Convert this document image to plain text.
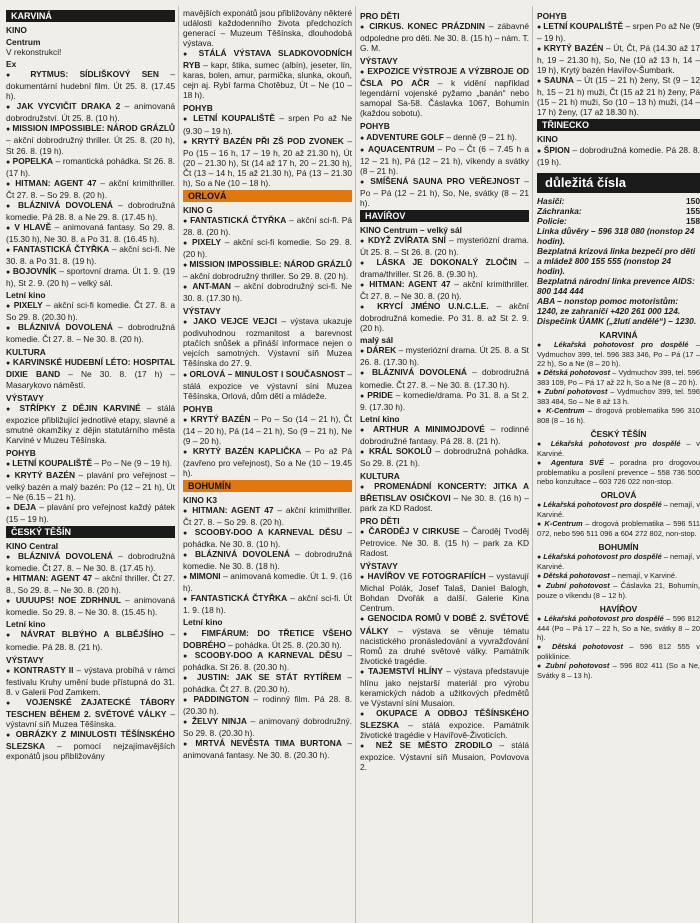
KARVINÁ
KINO
Centrum
V rekonstrukci!
Ex
● RYTMUS: SÍDLIŠKOVÝ SEN – dokumentární hudební film. Út 25. 8. (17.45 h).
● JAK VYCVIČIT DRAKA 2 – animovaná dobrodružství. Út 25. 8. (10 h).
● MISSION IMPOSSIBLE: NÁROD GRÁZLŮ – akční dobrodružný thriller. Út 25. 8. (20 h), St 26. 8. (19 h).
● POPELKA – romantická pohádka. St 26. 8. (17 h).
● HITMAN: AGENT 47 – akční krimithriller. Čt 27. 8. – So 29. 8. (20 h).
● BLÁZNIVÁ DOVOLENÁ – dobrodružná komedie. Pá 28. 8. a Ne 29. 8. (17.45 h).
● V HLAVĚ – animovaná fantasy. So 29. 8. (15.30 h), Ne 30. 8. a Po 31. 8. (16.45 h).
● FANTASTICKÁ ČTYŘKA – akční sci-fi. Ne 30. 8. a Po 31. 8. (19 h).
● BOJOVNÍK – sportovní drama. Út 1. 9. (19 h), St 2. 9. (20 h) – velký sál.
Letní kino
● PIXELY – akční sci-fi komedie. Čt 27. 8. a So 29. 8. (20.30 h).
● BLÁZNIVÁ DOVOLENÁ – dobrodružná komedie. Čt 27. 8. – Ne 30. 8. (20 h).
KULTURA
● KARVINSKÉ HUDEBNÍ LÉTO: HOSPITAL DIXIE BAND – Ne 30. 8. (17 h) – Masarykovo náměstí.
VÝSTAVY
● STŘÍPKY Z DĚJIN KARVINÉ – stálá expozice přibližující jednotlivé etapy, slavné a smutné okamžiky z dějin statutárního města Karviné v Muzeu Těšínska.
POHYB
● LETNÍ KOUPALIŠTĚ – Po – Ne (9 – 19 h).
● KRYTÝ BAZÉN – plavání pro veřejnost – velký bazén a malý bazén: Po (12 – 21 h), Út – Ne (6.15 – 21 h).
● DEJA – plavání pro veřejnost každý pátek (15 – 19 h).
ČESKÝ TĚŠÍN
KINO Central
● BLÁZNIVÁ DOVOLENÁ – dobrodružná komedie. Čt 27. 8. – Ne 30. 8. (17.45 h).
● HITMAN: AGENT 47 – akční thriller. Čt 27. 8., So 29. 8. – Ne 30. 8. (20 h).
● UUUUPS! NOE ZDRHNUL – animovaná komedie. So 29. 8. – Ne 30. 8. (15.45 h).
Letní kino
● NÁVRAT BLBÝHO A BLBĚJŠÍHO – komedie. Pá 28. 8. (21 h).
VÝSTAVY
● KONTRASTY II – výstava probíhá v rámci festivalu Kruhy umění bude přístupná do 31. 8. v Galerii Pod Zamkem.
● VOJENSKÉ ZAJATECKÉ TÁBORY TESCHEN BĚHEM 2. SVĚTOVÉ VÁLKY – výstavní síň Muzea Těšínska.
● OBRÁZKY Z MINULOSTI TĚŠÍNSKÉHO SLEZSKA – pomocí nejzajímavějších exponátů jsou přibližovány
mavějších exponátů jsou přibližovány některé události každodenního života předchozích generací – Muzeum Těšínska, dlouhodobá výstava.
● STÁLÁ VÝSTAVA SLADKOVODNÍCH RYB – kapr, štika, sumec (albín), jeseter, lín, karas, bolen, amur, parmička, slunka, okouň, cejn aj. Rybí farma Chotěbuz, Út – Ne (10 – 18 h).
POHYB
● LETNÍ KOUPALIŠTĚ – srpen Po až Ne (9.30 – 19 h).
● KRYTÝ BAZÉN PŘI ZŠ POD ZVONEK – Po (15 – 16 h, 17 – 19 h, 20 až 21.30 h), Út (20 – 21.30 h), St (14 až 17 h, 20 – 21.30 h), Čt (13 – 14 h, 15 až 21.30 h), Pá (13 – 21.30 h), So a Ne (10 – 18 h).
ORLOVÁ
KINO G
● FANTASTICKÁ ČTYŘKA – akční sci-fi. Pá 28. 8. (20 h).
● PIXELY – akční sci-fi komedie. So 29. 8. (20 h).
● MISSION IMPOSSIBLE: NÁROD GRÁZLŮ – akční dobrodružný thriller. So 29. 8. (20 h).
● ANT-MAN – akční dobrodružný sci-fi. Ne 30. 8. (17.30 h).
VÝSTAVY
● JAKO VEJCE VEJCI – výstava ukazuje podivuhodnou rozmanitost a barevnost ptačích snůšek a přináší informace nejen o vejcích samotných. Výstavní síň Muzea Těšínska do 27. 9.
● ORLOVÁ – MINULOST I SOUČASNOST – stálá expozice ve výstavní síni Muzea Těšínska, Orlová, dům dětí a mládeže.
POHYB
● KRYTÝ BAZÉN – Po – So (14 – 21 h), Čt (14 – 20 h), Pá (14 – 21 h), So (9 – 21 h), Ne (9 – 20 h).
● KRYTÝ BAZÉN KAPLIČKA – Po až Pá (zavřeno pro veřejnost), So a Ne (10 – 19.45 h).
BOHUMÍN
KINO K3
● HITMAN: AGENT 47 – akční krimithriller. Čt 27. 8. – So 29. 8. (20 h).
● SCOOBY-DOO A KARNEVAL DĚSU – pohádka. Ne 30. 8. (10 h).
● BLÁZNIVÁ DOVOLENÁ – dobrodružná komedie. Ne 30. 8. (18 h).
● MIMONI – animovaná komedie. Út 1. 9. (16 h).
● FANTASTICKÁ ČTYŘKA – akční sci-fi. Út 1. 9. (18 h).
Letní kino
● FIMFÁRUM: DO TŘETICE VŠEHO DOBRÉHO – pohádka. Út 25. 8. (20.30 h).
● SCOOBY-DOO A KARNEVAL DĚSU – pohádka. St 26. 8. (20.30 h).
● JUSTIN: JAK SE STÁT RYTÍŘEM – pohádka. Čt 27. 8. (20.30 h).
● PADDINGTON – rodinný film. Pá 28. 8. (20.30 h).
● ŽELVY NINJA – animovaný dobrodružný. So 29. 8. (20.30 h).
● MRTVÁ NEVĚSTA TIMA BURTONA – animovaná fantasy. Ne 30. 8. (20.30 h).
PRO DĚTI
● CIRKUS. KONEC PRÁZDNIN – zábavné odpoledne pro děti. Ne 30. 8. (15 h) – nám. T. G. M.
VÝSTAVY
● EXPOZICE VÝSTROJE A VÝZBROJE OD ČSLA PO AČR – k vidění například legendární vojenské pyžamo „banán“ nebo samopal Sa-58. Čáslavka 1067, Bohumín (každou sobotu).
POHYB
● ADVENTURE GOLF – denně (9 – 21 h).
● AQUACENTRUM – Po – Čt (6 – 7.45 h a 12 – 21 h), Pá (12 – 21 h), víkendy a svátky (8 – 21 h).
● SMÍŠENÁ SAUNA PRO VEŘEJNOST – Po – Pá (12 – 21 h), So, Ne, svátky (8 – 21 h).
HAVÍŘOV
KINO Centrum – velký sál
● KDYŽ ZVÍŘATA SNÍ – mysteriózní drama. Út 25. 8. – St 26. 8. (20 h).
● LÁSKA JE DOKONALÝ ZLOČIN – drama/thriller. St 26. 8. (9.30 h).
● HITMAN: AGENT 47 – akční krimithriller. Čt 27. 8. – Ne 30. 8. (20 h).
● KRYCÍ JMÉNO U.N.C.L.E. – akční dobrodružná komedie. Po 31. 8. až St 2. 9. (20 h).
malý sál
● DÁREK – mysteriózní drama. Út 25. 8. a St 26. 8. (17.30 h).
● BLÁZNIVÁ DOVOLENÁ – dobrodružná komedie. Čt 27. 8. – Ne 30. 8. (17.30 h).
● PRIDE – komedie/drama. Po 31. 8. a St 2. 9. (17.30 h).
Letní kino
● ARTHUR A MINIMOJDOVÉ – rodinné dobrodružné fantasy. Pá 28. 8. (21 h).
● KRÁL SOKOLŮ – dobrodružná pohádka. So 29. 8. (21 h).
KULTURA
● PROMENÁDNÍ KONCERTY: JITKA A BŘETISLAV OSIČKOVI – Ne 30. 8. (16 h) – park za KD Radost.
PRO DĚTI
● ČARODĚJ V CIRKUSE – Čaroděj Tvoděj Petrovice. Ne 30. 8. (15 h) – park za KD Radost.
VÝSTAVY
● HAVÍŘOV VE FOTOGRAFIÍCH – vystavují Michal Polák, Josef Talaš, Daniel Balogh, Bohdan Dvořák a další. Galerie Kina Centrum.
● GENOCIDA ROMŮ V DOBĚ 2. SVĚTOVÉ VÁLKY – výstava se věnuje tématu nacistického pronásledování a vyvražďování Romů za druhé světové války. Památník životické tragédie.
● TAJEMSTVÍ HLÍNY – výstava představuje hlínu jako nejstarší materiál pro výrobu keramických nádob a užitkových předmětů ve Výstavní síni Musaion.
● OKUPACE A ODBOJ TĚŠÍNSKÉHO SLEZSKA – stálá expozice. Památník životické tragédie v Havířově-Životicích.
● NEŽ SE MĚSTO ZRODILO – stálá expozice. Výstavní síň Musaion, Povlovova 2.
POHYB
● LETNÍ KOUPALIŠTĚ – srpen Po až Ne (9 – 19 h).
● KRYTÝ BAZÉN – Út, Čt, Pá (14.30 až 17 h, 19 – 21.30 h), So, Ne (10 až 13 h, 14 – 19 h), Krytý bazén Havířov-Šumbark.
● SAUNA – Út (15 – 21 h) ženy, St (9 – 12 h, 15 – 21 h) muži, Čt (15 až 21 h) ženy, Pá (15 – 21 h) muži, So (10 – 13 h) muži, (14 – 17 h) ženy, (17 až 18.30 h).
TŘINECKO
KINO
● ŠPION – dobrodružná komedie. Pá 28. 8. (19 h).
důležitá čísla
150
Hasiči:
155
Záchranka:
158
Policie:
Linka důvěry – 596 318 080 (nonstop 24 hodin).
Bezplatná krizová linka bezpečí pro děti a mládež 800 155 555 (nonstop 24 hodin).
Bezplatná národní linka prevence AIDS: 800 144 444
ABA – nonstop pomoc motoristům: 1240, ze zahraničí +420 261 000 124.
Dispečink ÚAMK („žlutí andělé“) – 1230.
KARVINÁ
● Lékařská pohotovost pro dospělé – Vydmuchov 399, tel. 596 383 346, Po – Pá (17 – 22 h), So a Ne (8 – 20 h).
● Dětská pohotovost – Vydmuchov 399, tel. 596 383 109, Po – Pá 17 až 22 h, So a Ne (8 – 20 h).
● Zubní pohotovost – Vydmuchov 399, tel. 596 383 484, So – Ne 8 až 13 h.
● K-Centrum – drogová problematika 596 310 808 (8 – 16 h).
ČESKÝ TĚŠÍN
● Lékařská pohotovost pro dospělé – v Karviné.
● Agentura SVÉ – poradna pro drogovou problematiku a posílení prevence – 558 736 500 nebo konzultace – 603 726 022 non-stop.
ORLOVÁ
● Lékařská pohotovost pro dospělé – nemají, v Karviné.
● K-Centrum – drogová problematika – 596 511 072, nebo 596 511 096 a 604 272 802, non-stop.
BOHUMÍN
● Lékařská pohotovost pro dospělé – nemají, v Karviné.
● Dětská pohotovost – nemají, v Karviné.
● Zubní pohotovost – Čáslavka 21, Bohumín, pouze o víkendu (8 – 12 h).
HAVÍŘOV
● Lékařská pohotovost pro dospělé – 596 812 444 (Po – Pá 17 – 22 h, So a Ne, svátky 8 – 20 h).
● Dětská pohotovost – 596 812 555 v poliklinice.
● Zubní pohotovost – 596 802 411 (So a Ne, Svátky 8 – 13 h).
